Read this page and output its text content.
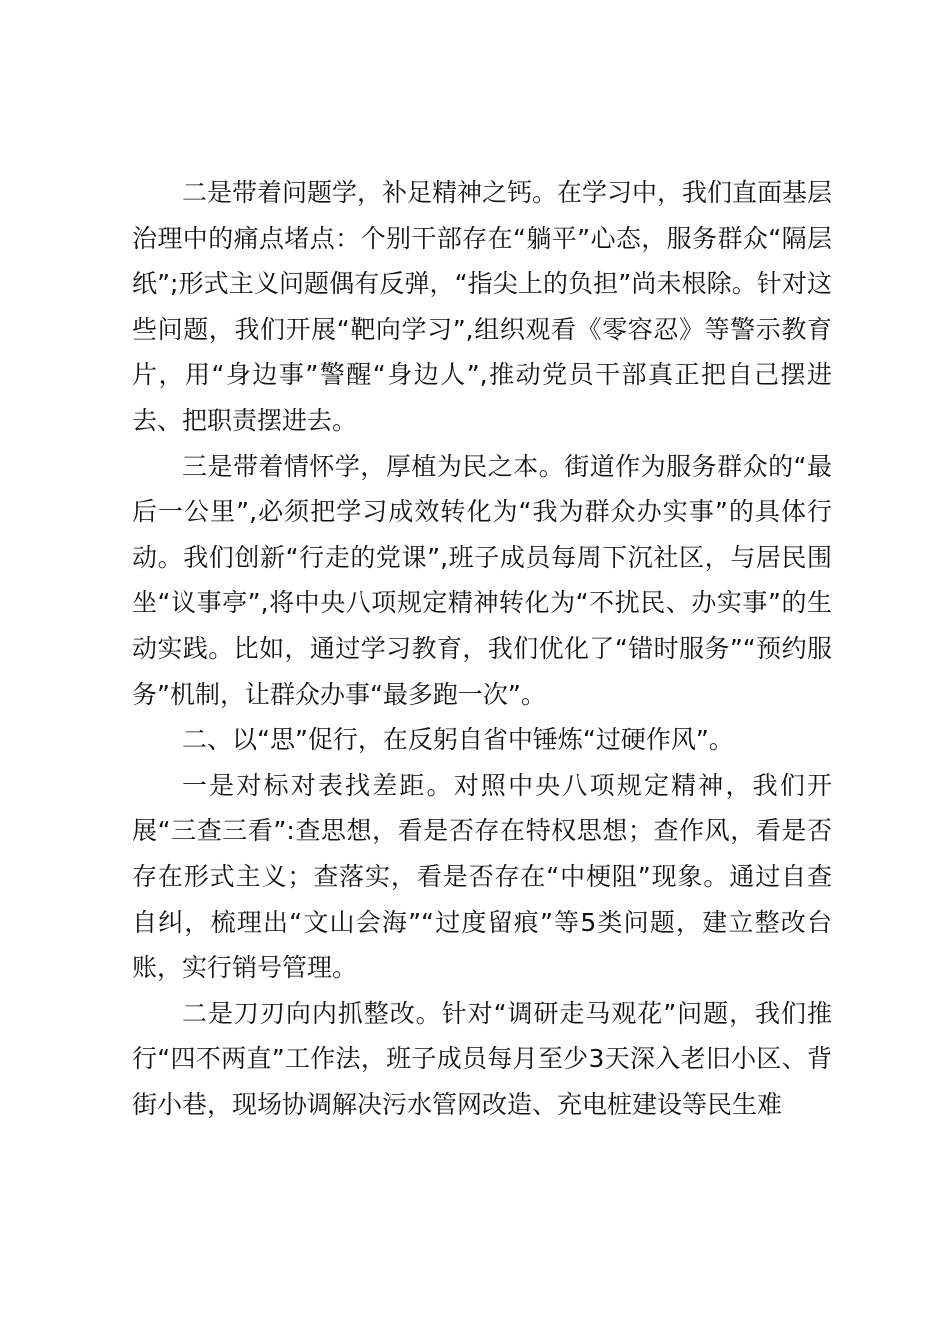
二是带着问题学，补足精神之钙。在学习中，我们直面基层治理中的痛点堵点：个别干部存在“躺平”心态，服务群众“隔层纸”;形式主义问题偶有反弹，“指尖上的负担”尚未根除。针对这些问题，我们开展“靶向学习”,组织观看《零容忍》等警示教育片，用“身边事”警醒“身边人”,推动党员干部真正把自己摆进去、把职责摆进去。

三是带着情怀学，厚植为民之本。街道作为服务群众的“最后一公里”,必须把学习成效转化为“我为群众办实事”的具体行动。我们创新“行走的党课”,班子成员每周下沉社区，与居民围坐“议事亭”,将中央八项规定精神转化为“不扰民、办实事”的生动实践。比如，通过学习教育，我们优化了“错时服务”“预约服务”机制，让群众办事“最多跑一次”。

二、以“思”促行，在反躬自省中锤炼“过硬作风”。

一是对标对表找差距。对照中央八项规定精神，我们开展“三查三看”:查思想，看是否存在特权思想；查作风，看是否存在形式主义；查落实，看是否存在“中梗阻”现象。通过自查自纠，梳理出“文山会海”“过度留痕”等5类问题，建立整改台账，实行销号管理。

二是刀刃向内抓整改。针对“调研走马观花”问题，我们推行“四不两直”工作法，班子成员每月至少3天深入老旧小区、背街小巷，现场协调解决污水管网改造、充电桩建设等民生难
